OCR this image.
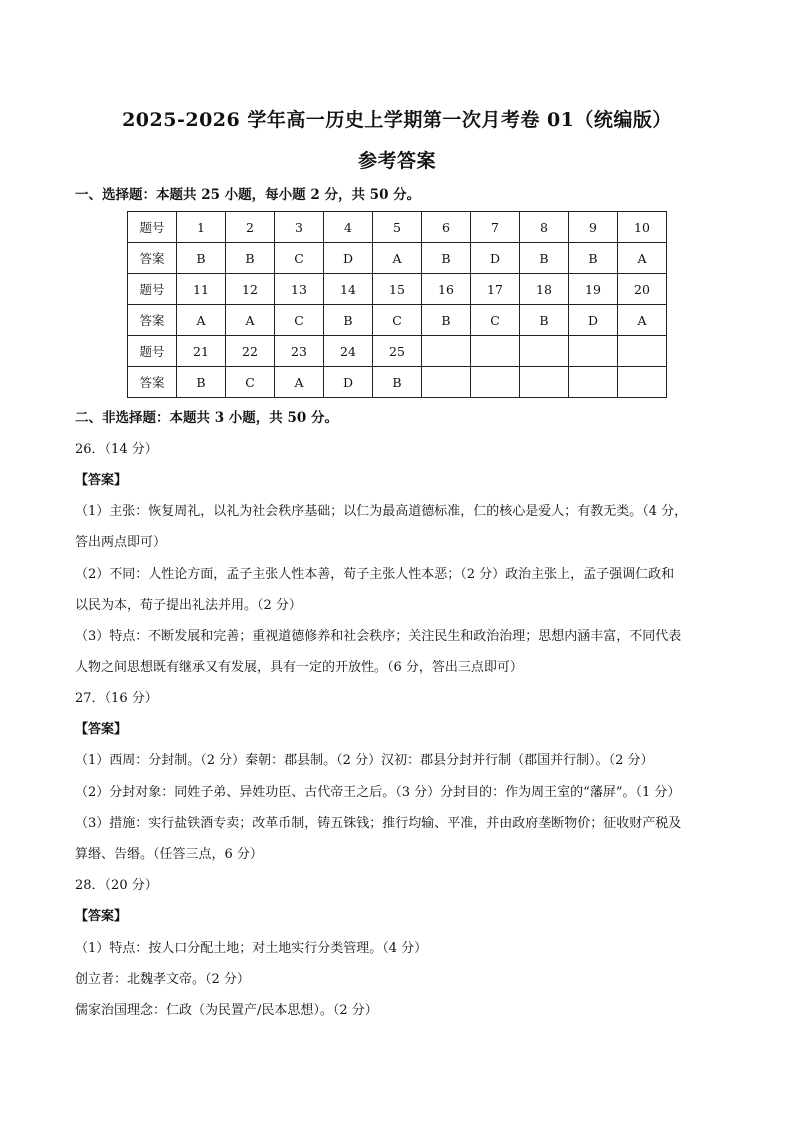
2025-2026 学年高一历史上学期第一次月考卷 01（统编版）
参考答案
一、选择题：本题共 25 小题，每小题 2 分，共 50 分。
题号	1	2	3	4	5	6	7	8	9	10
答案	B	B	C	D	A	B	D	B	B	A
题号	11	12	13	14	15	16	17	18	19	20
答案	A	A	C	B	C	B	C	B	D	A
题号	21	22	23	24	25					
答案	B	C	A	D	B					
二、非选择题：本题共 3 小题，共 50 分。
26．（14 分）
【答案】
（1）主张：恢复周礼，以礼为社会秩序基础；以仁为最高道德标准，仁的核心是爱人；有教无类。（4 分，
答出两点即可）
（2）不同：人性论方面，孟子主张人性本善，荀子主张人性本恶；（2 分）政治主张上，孟子强调仁政和
以民为本，荀子提出礼法并用。（2 分）
（3）特点：不断发展和完善；重视道德修养和社会秩序；关注民生和政治治理；思想内涵丰富，不同代表
人物之间思想既有继承又有发展，具有一定的开放性。（6 分，答出三点即可）
27．（16 分）
【答案】
（1）西周：分封制。（2 分）秦朝：郡县制。（2 分）汉初：郡县分封并行制（郡国并行制）。（2 分）
（2）分封对象：同姓子弟、异姓功臣、古代帝王之后。（3 分）分封目的：作为周王室的“藩屏”。（1 分）
（3）措施：实行盐铁酒专卖；改革币制，铸五铢钱；推行均输、平准，并由政府垄断物价；征收财产税及
算缗、告缗。（任答三点，6 分）
28．（20 分）
【答案】
（1）特点：按人口分配土地；对土地实行分类管理。（4 分）
创立者：北魏孝文帝。（2 分）
儒家治国理念：仁政（为民置产/民本思想）。（2 分）
